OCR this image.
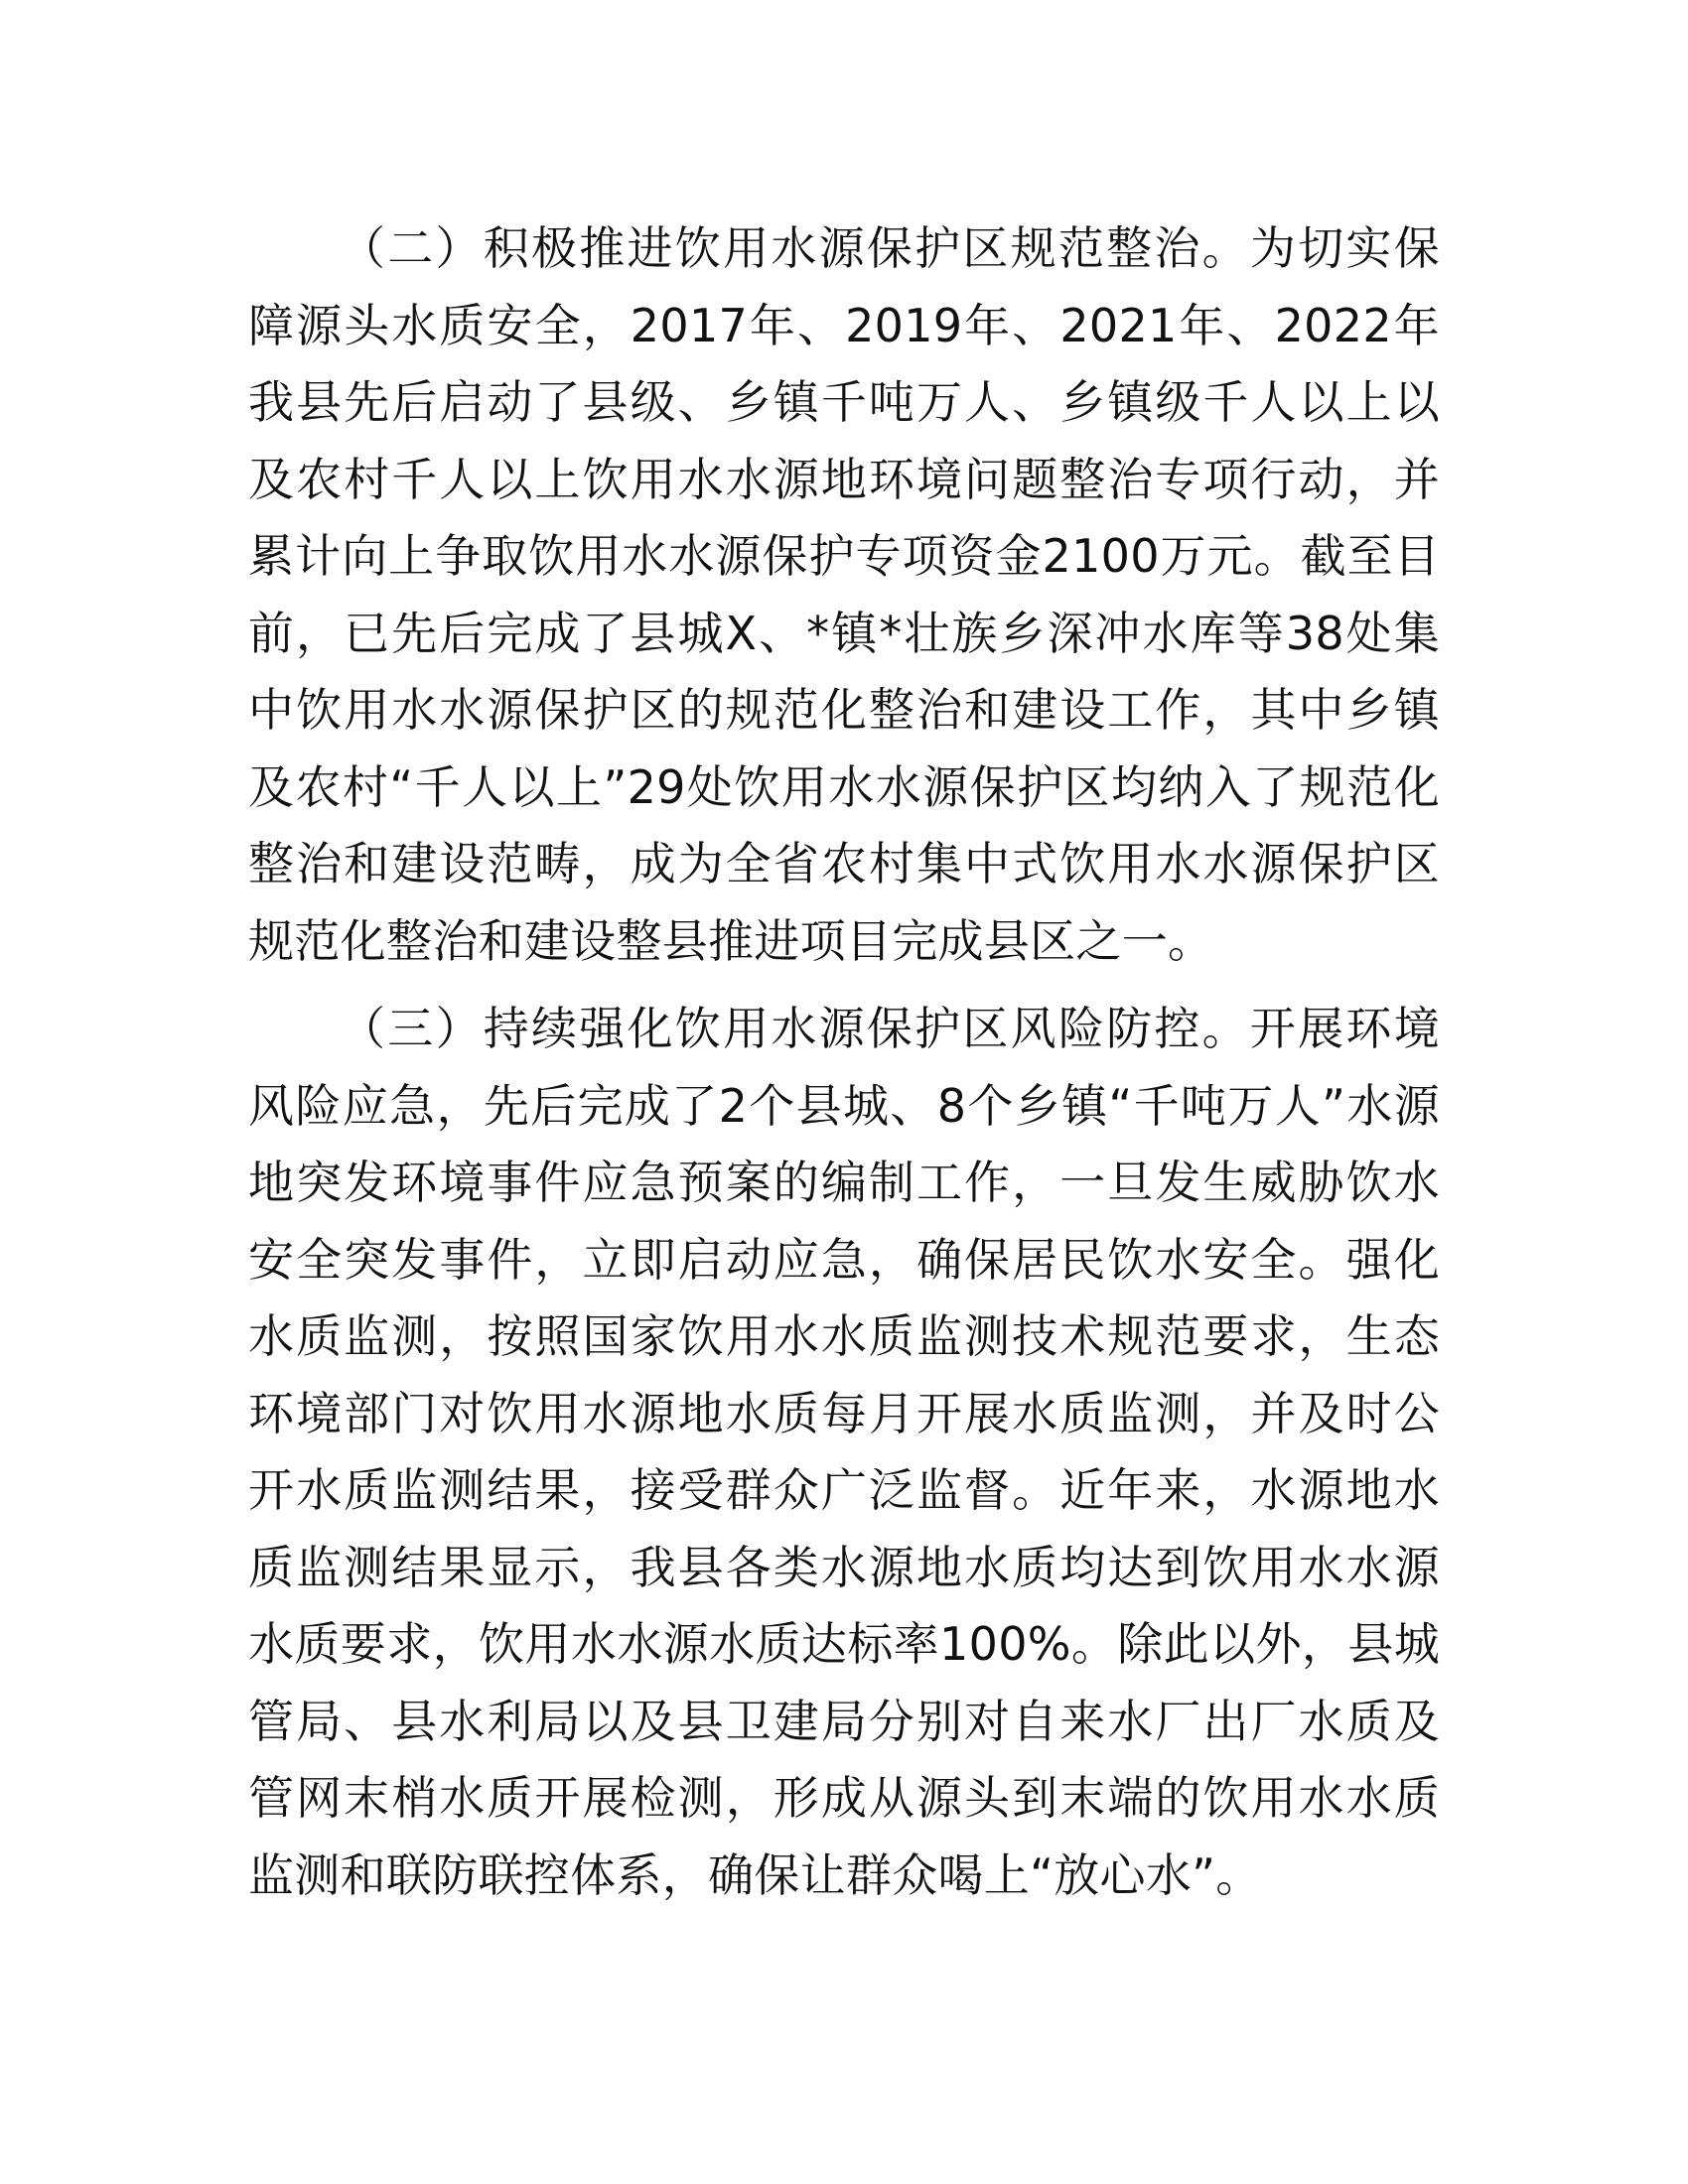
（二）积极推进饮用水源保护区规范整治。为切实保障源头水质安全，2017年、2019年、2021年、2022年我县先后启动了县级、乡镇千吨万人、乡镇级千人以上以及农村千人以上饮用水水源地环境问题整治专项行动，并累计向上争取饮用水水源保护专项资金2100万元。截至目前，已先后完成了县城X、*镇*壮族乡深冲水库等38处集中饮用水水源保护区的规范化整治和建设工作，其中乡镇及农村“千人以上”29处饮用水水源保护区均纳入了规范化整治和建设范畴，成为全省农村集中式饮用水水源保护区规范化整治和建设整县推进项目完成县区之一。

（三）持续强化饮用水源保护区风险防控。开展环境风险应急，先后完成了2个县城、8个乡镇“千吨万人”水源地突发环境事件应急预案的编制工作，一旦发生威胁饮水安全突发事件，立即启动应急，确保居民饮水安全。强化水质监测，按照国家饮用水水质监测技术规范要求，生态环境部门对饮用水源地水质每月开展水质监测，并及时公开水质监测结果，接受群众广泛监督。近年来，水源地水质监测结果显示，我县各类水源地水质均达到饮用水水源水质要求，饮用水水源水质达标率100%。除此以外，县城管局、县水利局以及县卫建局分别对自来水厂出厂水质及管网末梢水质开展检测，形成从源头到末端的饮用水水质监测和联防联控体系，确保让群众喝上“放心水”。
